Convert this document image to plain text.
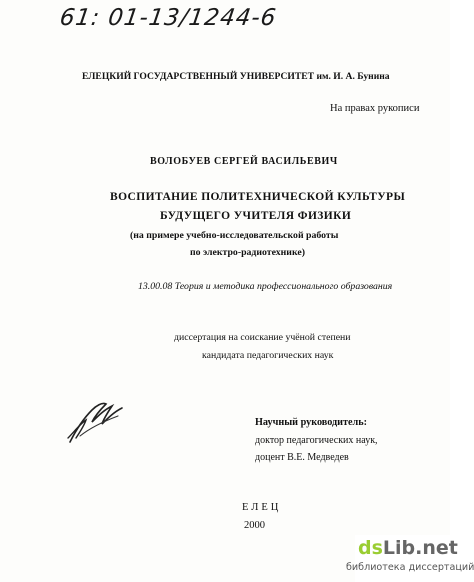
61: 01-13/1244-6
ЕЛЕЦКИЙ ГОСУДАРСТВЕННЫЙ УНИВЕРСИТЕТ им. И. А. Бунина
На правах рукописи
ВОЛОБУЕВ СЕРГЕЙ ВАСИЛЬЕВИЧ
ВОСПИТАНИЕ ПОЛИТЕХНИЧЕСКОЙ КУЛЬТУРЫ
БУДУЩЕГО УЧИТЕЛЯ ФИЗИКИ
(на примере учебно-исследовательской работы
по электро-радиотехнике)
13.00.08 Теория и методика профессионального образования
диссертация на соискание учёной степени
кандидата педагогических наук
Научный руководитель:
доктор педагогических наук,
доцент В.Е. Медведев
ЕЛЕЦ
2000
dsLib.net
библиотека диссертаций
